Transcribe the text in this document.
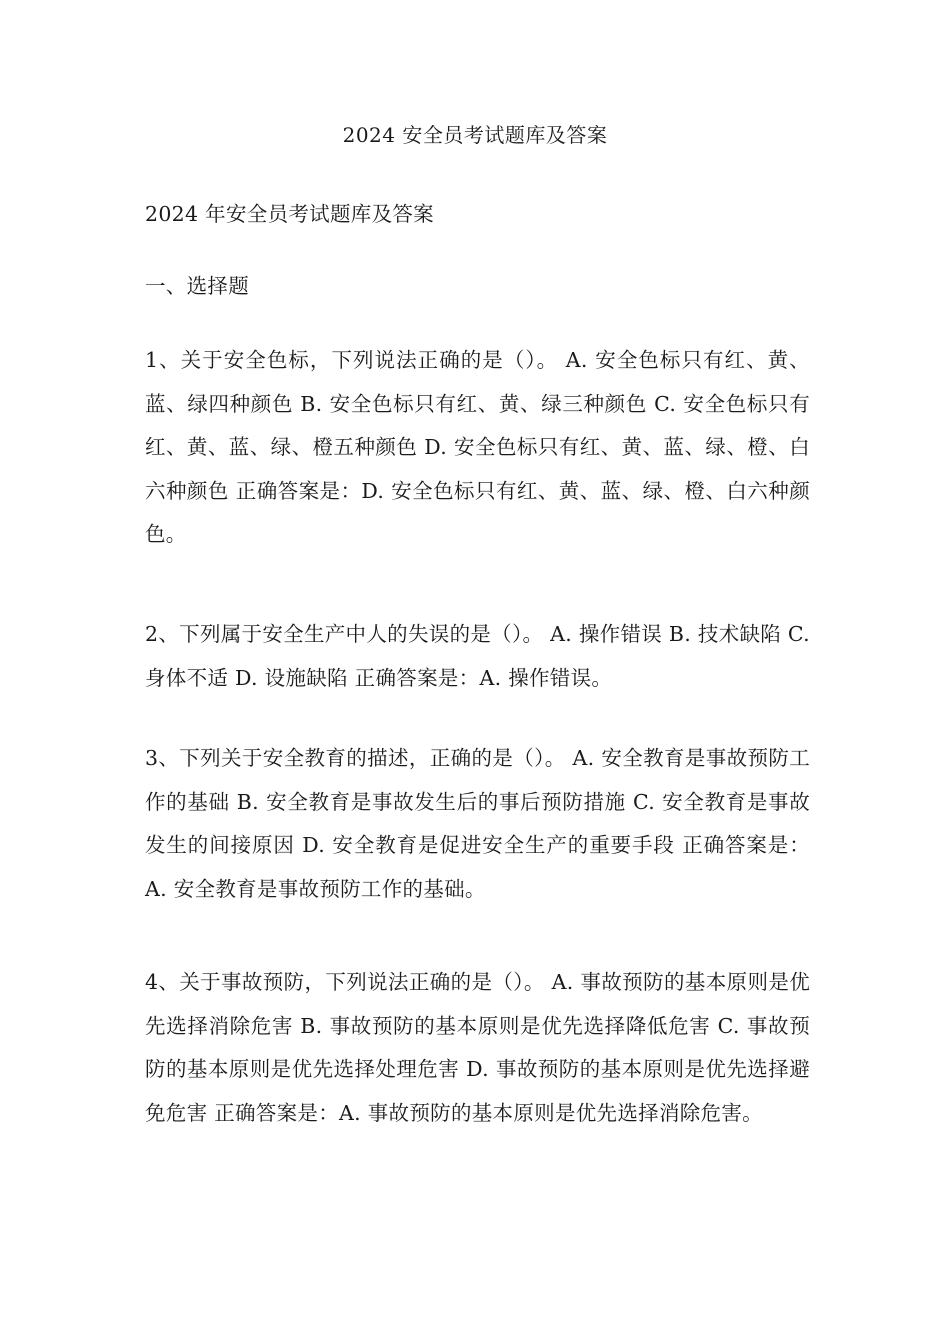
2024 安全员考试题库及答案

2024 年安全员考试题库及答案

一、选择题

1、关于安全色标，下列说法正确的是（）。 A. 安全色标只有红、黄、蓝、绿四种颜色 B. 安全色标只有红、黄、绿三种颜色 C. 安全色标只有红、黄、蓝、绿、橙五种颜色 D. 安全色标只有红、黄、蓝、绿、橙、白六种颜色 正确答案是：D. 安全色标只有红、黄、蓝、绿、橙、白六种颜色。

2、下列属于安全生产中人的失误的是（）。 A. 操作错误 B. 技术缺陷 C. 身体不适 D. 设施缺陷 正确答案是：A. 操作错误。

3、下列关于安全教育的描述，正确的是（）。 A. 安全教育是事故预防工作的基础 B. 安全教育是事故发生后的事后预防措施 C. 安全教育是事故发生的间接原因 D. 安全教育是促进安全生产的重要手段 正确答案是：A. 安全教育是事故预防工作的基础。

4、关于事故预防，下列说法正确的是（）。 A. 事故预防的基本原则是优先选择消除危害 B. 事故预防的基本原则是优先选择降低危害 C. 事故预防的基本原则是优先选择处理危害 D. 事故预防的基本原则是优先选择避免危害 正确答案是：A. 事故预防的基本原则是优先选择消除危害。
